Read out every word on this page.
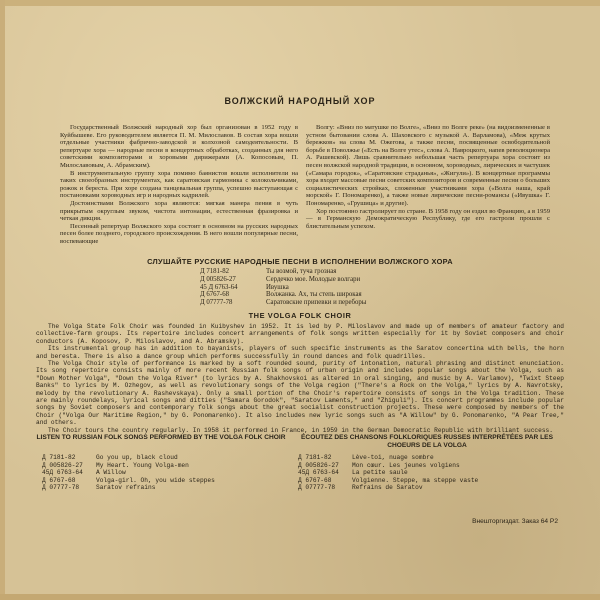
ВОЛЖСКИЙ НАРОДНЫЙ ХОР

Государственный Волжский народный хор был организован в 1952 году в Куйбышеве. Его руководителем является П. М. Милославов. В состав хора вошли отдельные участники фабрично-заводской и колхозной самодеятельности. В репертуаре хора — народные песни в концертных обработках, созданных для него советскими композиторами и хоровыми дирижерами (А. Копосовым, П. Милославовым, А. Абрамским).

В инструментальную группу хора помимо баянистов вошли исполнители на таких своеобразных инструментах, как саратовская гармоника с колокольчиками, рожок и береста. При хоре создана танцевальная группа, успешно выступающая с постановками хороводных игр и народных кадрилей.

Достоинствами Волжского хора являются: мягкая манера пения в чуть прикрытым округлым звуком, чистота интонации, естественная фразировка и четкая дикция.

Песенный репертуар Волжского хора состоит в основном на русских народных песен более позднего, городского происхождения. В него вошли популярные песни, воспевающие

Волгу: «Вниз по матушке по Волге», «Вниз по Волге реке» (на видоизмененные в устном бытовании слова А. Шаховского с музыкой А. Варламова), «Меж крутых бережков» на слова М. Ожегова, а также песни, посвященные освободительной борьбе в Поволжье («Есть на Волге утес», слова А. Навроцкого, напев революционера А. Рашевской). Лишь сравнительно небольшая часть репертуара хора состоит из песен волжской народной традиции, в основном, хороводных, лирических и частушек («Самара городок», «Саратовские страданья», «Жигули»). В концертные программы хора входят массовые песни советских композиторов и современные песни о больших социалистических стройках, сложенные участниками хора («Волга наша, край морской» Г. Пономаренко), а также новые лирические песни-романсы («Ивушка» Г. Пономаренко, «Грушица» и другие).

Хор постоянно гастролирует по стране. В 1958 году он ездил во Францию, а в 1959 — в Германскую Демократическую Республику, где его гастроли прошли с блистательным успехом.

СЛУШАЙТЕ РУССКИЕ НАРОДНЫЕ ПЕСНИ В ИСПОЛНЕНИИ ВОЛЖСКОГО ХОРА
Д 7181-82	Ты возмой, туча грозная
Д 005826-27	Сердечко мое. Молодые волгари
45 Д 6763-64	Ивушка
Д 6767-68	Волжанка. Ах, ты степь широкая
Д 07777-78	Саратовские припевки и переборы
THE VOLGA FOLK CHOIR

The Volga State Folk Choir was founded in Kuibyshev in 1952. It is led by P. Miloslavov and made up of members of amateur factory and collective-farm groups. Its repertoire includes concert arrangements of folk songs written especially for it by Soviet composers and choir conductors (A. Koposov, P. Miloslavov, and A. Abramsky).

Its instrumental group has in addition to bayanists, players of such specific instruments as the Saratov concertina with bells, the horn and beresta. There is also a dance group which performs successfully in round dances and folk quadrilles.

The Volga Choir style of performance is marked by a soft rounded sound, purity of intonation, natural phrasing and distinct enunciation. Its song repertoire consists mainly of more recent Russian folk songs of urban origin and includes popular songs about the Volga, such as "Down Mother Volga", "Down the Volga River" (to lyrics by A. Shakhovskoi as altered in oral singing, and music by A. Varlamov), "Twixt Steep Banks" to lyrics by M. Ozhegov, as well as revolutionary songs of the Volga region ("There's a Rock on the Volga," lyrics by A. Navrotsky, melody by the revolutionary A. Rashevskaya). Only a small portion of the Choir's repertoire consists of songs in the Volga tradition. These are mainly roundelays, lyrical songs and ditties ("Samara Gorodok", "Saratov Laments," and "Zhiguli"). Its concert programmes include popular songs by Soviet composers and contemporary folk songs about the great socialist construction projects. These were composed by members of the Choir ("Volga Our Maritime Region," by G. Ponomarenko). It also includes new lyric songs such as "A Willow" by G. Ponomarenko, "A Pear Tree," and others.

The Choir tours the country regularly. In 1958 it performed in France, in 1959 in the German Democratic Republic with brilliant success.

LISTEN TO RUSSIAN FOLK SONGS PERFORMED BY THE VOLGA FOLK CHOIR	ÉCOUTEZ DES CHANSONS FOLKLORIQUES RUSSES INTERPRÉTÉES PAR LES CHOEURS DE LA VOLGA
Д 7181-82	Go you up, black cloud
Д 005826-27	My Heart. Young Volga-men
45Д 6763-64	A Willow
Д 6767-68	Volga-girl. Oh, you wide steppes
Д 07777-78	Saratov refrains
Д 7181-82	Lève-toi, nuage sombre
Д 005826-27	Mon cœur. Les jeunes volgiens
45Д 6763-64	La petite saule
Д 6767-68	Volgienne. Steppe, ma steppe vaste
Д 07777-78	Refrains de Saratov
Внешторгиздат. Заказ 64 Р2
